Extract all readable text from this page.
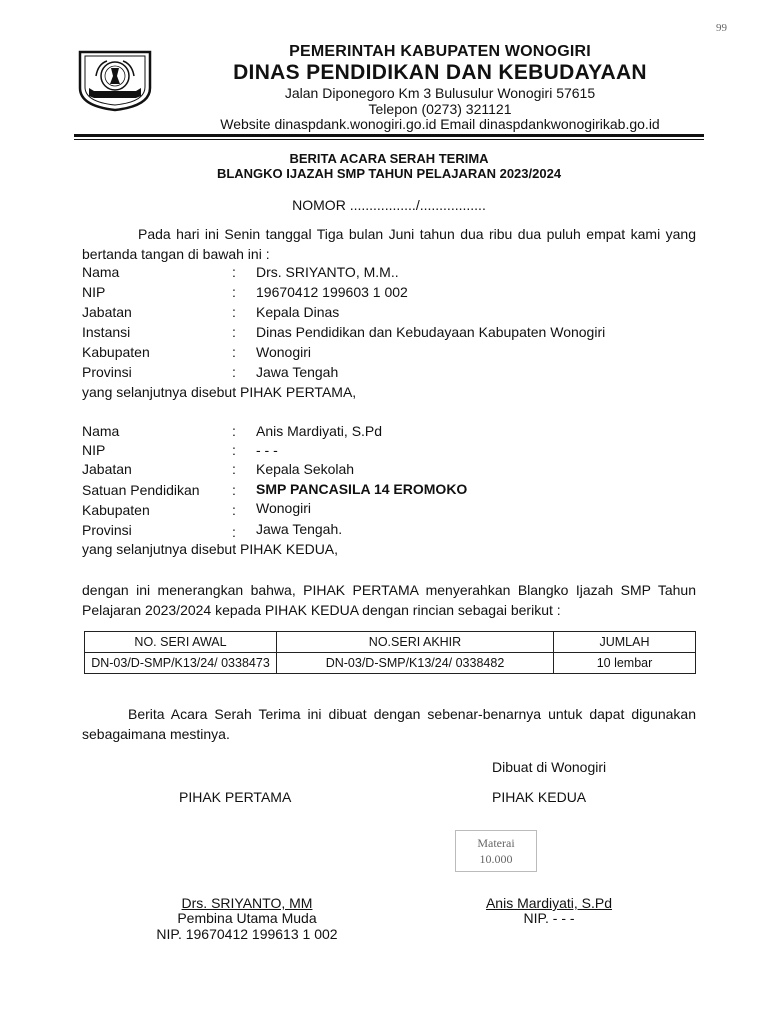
99
PEMERINTAH KABUPATEN WONOGIRI
DINAS PENDIDIKAN DAN KEBUDAYAAN
Jalan Diponegoro Km 3 Bulusulur Wonogiri 57615
Telepon (0273) 321121
Website dinaspdank.wonogiri.go.id Email dinaspdankwonogirikab.go.id
BERITA ACARA SERAH TERIMA
BLANGKO IJAZAH SMP TAHUN PELAJARAN 2023/2024
NOMOR ................./.................
Pada hari ini Senin tanggal Tiga bulan Juni tahun dua ribu dua puluh empat kami yang bertanda tangan di bawah ini :
Nama	: Drs. SRIYANTO, M.M..
NIP	: 19670412 199603 1 002
Jabatan	: Kepala Dinas
Instansi	: Dinas Pendidikan dan Kebudayaan Kabupaten Wonogiri
Kabupaten	: Wonogiri
Provinsi	: Jawa Tengah
yang selanjutnya disebut PIHAK PERTAMA,
Nama	: Anis Mardiyati, S.Pd
NIP	: - - -
Jabatan	: Kepala Sekolah
Satuan Pendidikan : SMP PANCASILA 14 EROMOKO
Kabupaten	: Wonogiri
Provinsi	: Jawa Tengah.
yang selanjutnya disebut PIHAK KEDUA,
dengan ini menerangkan bahwa, PIHAK PERTAMA menyerahkan Blangko Ijazah SMP Tahun Pelajaran 2023/2024 kepada PIHAK KEDUA dengan rincian sebagai berikut :
NO. SERI AWAL	NO.SERI AKHIR	JUMLAH
DN-03/D-SMP/K13/24/ 0338473	DN-03/D-SMP/K13/24/ 0338482	10 lembar
Berita Acara Serah Terima ini dibuat dengan sebenar-benarnya untuk dapat digunakan sebagaimana mestinya.
Dibuat di Wonogiri
PIHAK PERTAMA	PIHAK KEDUA
Materai
10.000
Drs. SRIYANTO, MM
Pembina Utama Muda
NIP. 19670412 199613 1 002
Anis Mardiyati, S.Pd
NIP. - - -
